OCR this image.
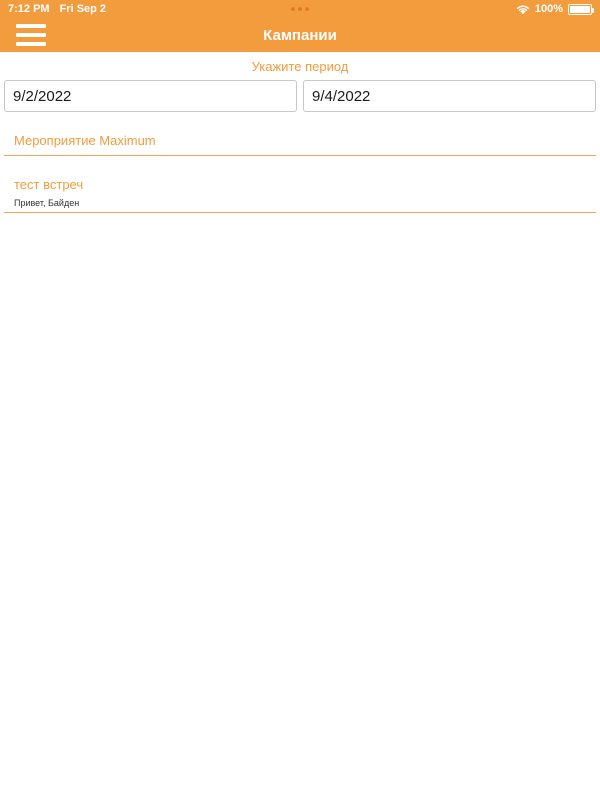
7:12 PM Fri Sep 2	100%
Кампании
Укажите период
9/2/2022	9/4/2022
Мероприятие Maximum
тест встреч
Привет, Байден
